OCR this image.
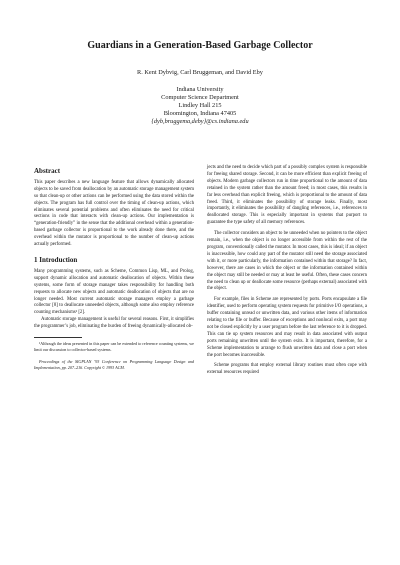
Guardians in a Generation-Based Garbage Collector
R. Kent Dybvig, Carl Bruggeman, and David Eby
Indiana University
Computer Science Department
Lindley Hall 215
Bloomington, Indiana 47405
{dyb,bruggema,deby}@cs.indiana.edu
Abstract

This paper describes a new language feature that allows dynamically allocated objects to be saved from deallocation by an automatic storage management system so that clean-up or other actions can be performed using the data stored within the objects. The program has full control over the timing of clean-up actions, which eliminates several potential problems and often eliminates the need for critical sections in code that interacts with clean-up actions. Our implementation is “generation-friendly” in the sense that the additional overhead within a generation-based garbage collector is proportional to the work already done there, and the overhead within the mutator is proportional to the number of clean-up actions actually performed.

1 Introduction

Many programming systems, such as Scheme, Common Lisp, ML, and Prolog, support dynamic allocation and automatic deallocation of objects. Within these systems, some form of storage manager takes responsibility for handling both requests to allocate new objects and automatic deallocation of objects that are no longer needed. Most current automatic storage managers employ a garbage collector [8] to deallocate unneeded objects, although some also employ reference counting mechanisms¹ [2].

Automatic storage management is useful for several reasons. First, it simplifies the programmer’s job, eliminating the burden of freeing dynamically-allocated ob-

¹Although the ideas presented in this paper can be extended to reference counting systems, we limit our discussion to collector-based systems.
Proceedings of the SIGPLAN ’93 Conference on Programming Language Design and Implementation, pp. 207–216. Copyright © 1993 ACM.

jects and the need to decide which part of a possibly complex system is responsible for freeing shared storage. Second, it can be more efficient than explicit freeing of objects. Modern garbage collectors run in time proportional to the amount of data retained in the system rather than the amount freed; in most cases, this results in far less overhead than explicit freeing, which is proportional to the amount of data freed. Third, it eliminates the possibility of storage leaks. Finally, most importantly, it eliminates the possibility of dangling references, i.e., references to deallocated storage. This is especially important in systems that purport to guarantee the type safety of all memory references.

The collector considers an object to be unneeded when no pointers to the object remain, i.e., when the object is no longer accessible from within the rest of the program, conventionally called the mutator. In most cases, this is ideal; if an object is inaccessible, how could any part of the mutator still need the storage associated with it, or more particularly, the information contained within that storage? In fact, however, there are cases in which the object or the information contained within the object may still be needed or may at least be useful. Often, these cases concern the need to clean up or deallocate some resource (perhaps external) associated with the object.

For example, files in Scheme are represented by ports. Ports encapsulate a file identifier, used to perform operating system requests for primitive I/O operations, a buffer containing unread or unwritten data, and various other items of information relating to the file or buffer. Because of exceptions and nonlocal exits, a port may not be closed explicitly by a user program before the last reference to it is dropped. This can tie up system resources and may result in data associated with output ports remaining unwritten until the system exits. It is important, therefore, for a Scheme implementation to arrange to flush unwritten data and close a port when the port becomes inaccessible.

Scheme programs that employ external library routines must often cope with external resources required
